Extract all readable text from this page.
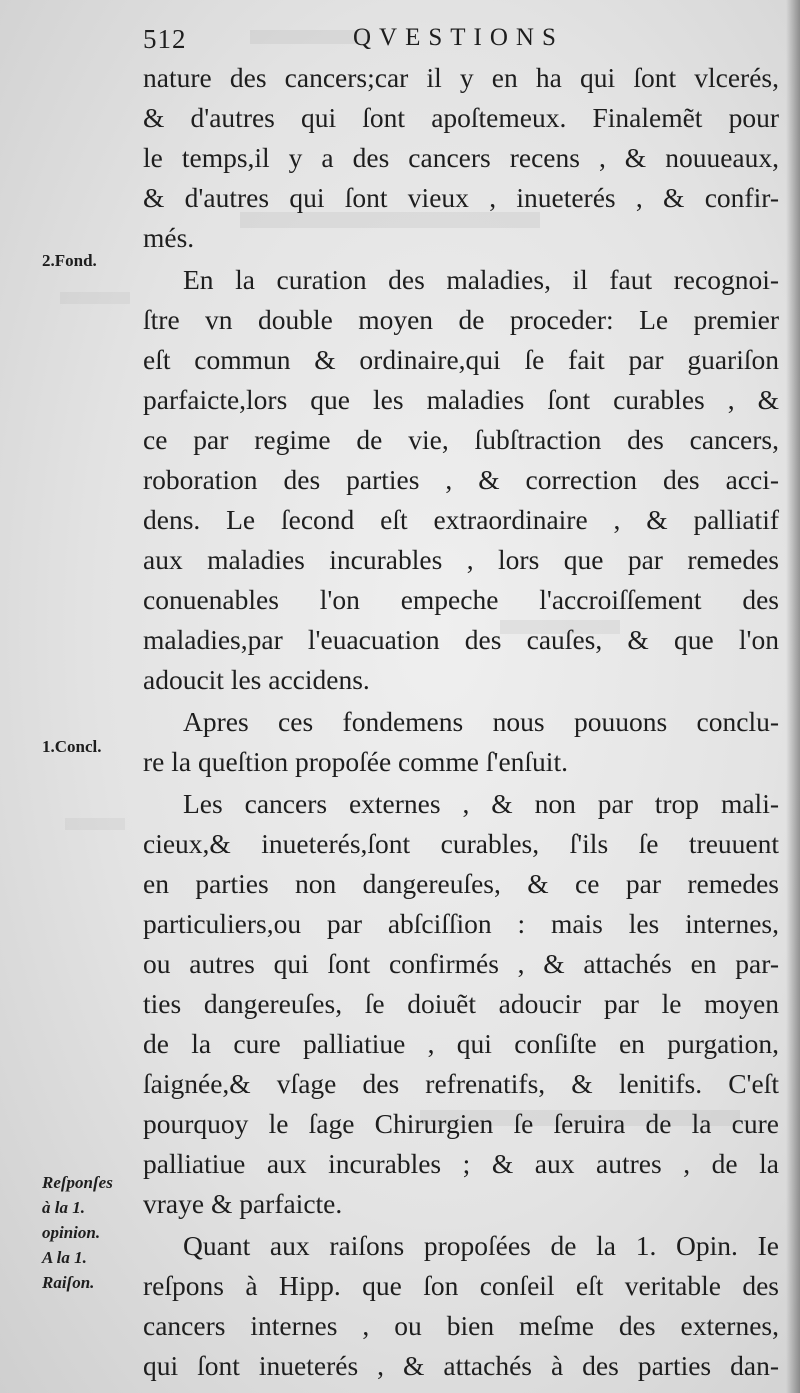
512	QVESTIONS
nature des cancers;car il y en ha qui ſont vlcerés,
& d'autres qui ſont apoſtemeux. Finalemẽt pour
le temps,il y a des cancers recens , & nouueaux,
& d'autres qui ſont vieux , inueterés , & confir-
més.
En la curation des maladies, il faut recognoi-
ſtre vn double moyen de proceder: Le premier
eſt commun & ordinaire,qui ſe fait par guariſon
parfaicte,lors que les maladies ſont curables , &
ce par regime de vie, ſubſtraction des cancers,
roboration des parties , & correction des acci-
dens. Le ſecond eſt extraordinaire , & palliatif
aux maladies incurables , lors que par remedes
conuenables l'on empeche l'accroiſſement des
maladies,par l'euacuation des cauſes, & que l'on
adoucit les accidens.
Apres ces fondemens nous pouuons conclu-
re la queſtion propoſée comme ſ'enſuit.
Les cancers externes , & non par trop mali-
cieux,& inueterés,ſont curables, ſ'ils ſe treuuent
en parties non dangereuſes, & ce par remedes
particuliers,ou par abſciſſion : mais les internes,
ou autres qui ſont confirmés , & attachés en par-
ties dangereuſes, ſe doiuẽt adoucir par le moyen
de la cure palliatiue , qui conſiſte en purgation,
ſaignée,& vſage des refrenatifs, & lenitifs. C'eſt
pourquoy le ſage Chirurgien ſe ſeruira de la cure
palliatiue aux incurables ; & aux autres , de la
vraye & parfaicte.
Quant aux raiſons propoſées de la 1. Opin. Ie
reſpons à Hipp. que ſon conſeil eſt veritable des
cancers internes , ou bien meſme des externes,
qui ſont inueterés , & attachés à des parties dan-
2.Fond.
1.Concl.
Reſponſes
à la 1.
opinion.
A la 1.
Raiſon.
